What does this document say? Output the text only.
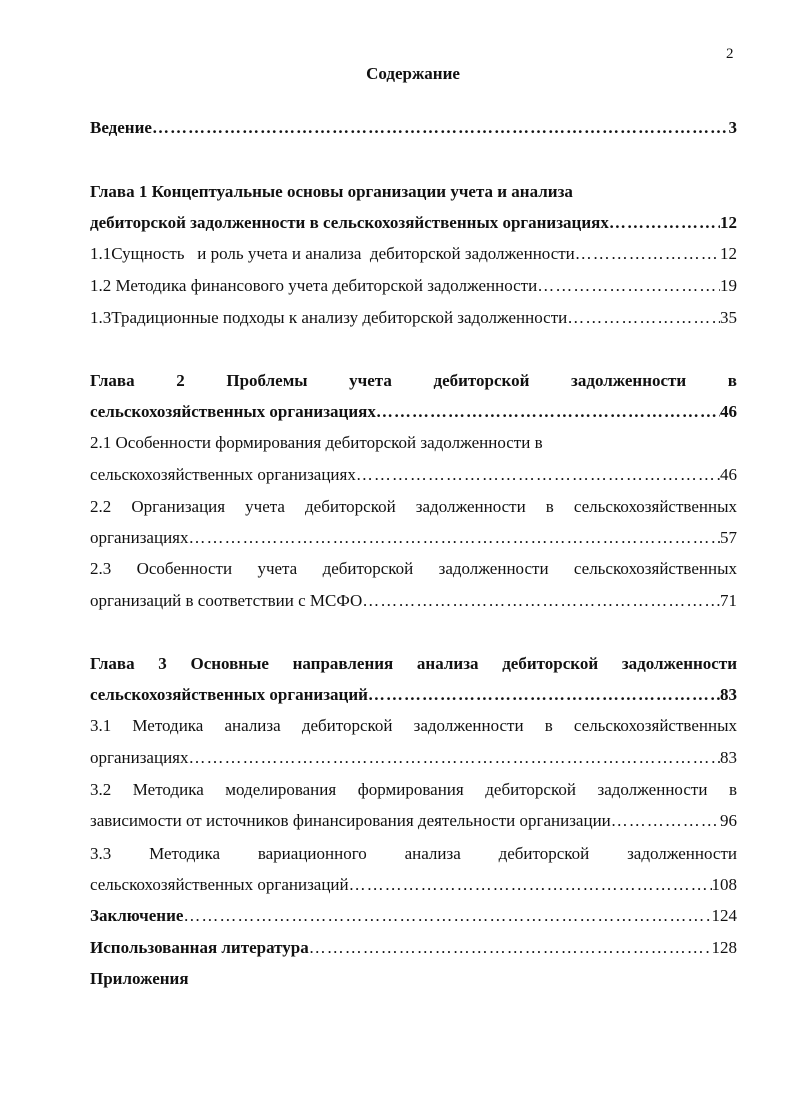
2
Содержание
Ведение …………………………………………………………………………………………………………………………………………………………………………………………………………………	3
Глава 1 Концептуальные основы организации учета и анализа
дебиторской задолженности в сельскохозяйственных организациях …………………………………………………………………………………………………………………………………………………………………………………………………………………	12
1.1Сущность   и роль учета и анализа  дебиторской задолженности …………………………………………………………………………………………………………………………………………………………………………………………………………………	12
1.2 Методика финансового учета дебиторской задолженности …………………………………………………………………………………………………………………………………………………………………………………………………………………	19
1.3Традиционные подходы к анализу дебиторской задолженности …………………………………………………………………………………………………………………………………………………………………………………………………………………	35
Глава 2 Проблемы учета дебиторской задолженности в
сельскохозяйственных организациях …………………………………………………………………………………………………………………………………………………………………………………………………………………	46
2.1 Особенности формирования дебиторской задолженности в
сельскохозяйственных организациях …………………………………………………………………………………………………………………………………………………………………………………………………………………	46
2.2 Организация учета дебиторской задолженности в сельскохозяйственных
организациях …………………………………………………………………………………………………………………………………………………………………………………………………………………	57
2.3 Особенности учета дебиторской задолженности сельскохозяйственных
организаций в соответствии с МСФО …………………………………………………………………………………………………………………………………………………………………………………………………………………	71
Глава 3 Основные направления анализа дебиторской задолженности
сельскохозяйственных организаций …………………………………………………………………………………………………………………………………………………………………………………………………………………	83
3.1 Методика анализа дебиторской задолженности в сельскохозяйственных
организациях …………………………………………………………………………………………………………………………………………………………………………………………………………………	83
3.2 Методика моделирования формирования дебиторской задолженности в
зависимости от источников финансирования деятельности организации …………………………………………………………………………………………………………………………………………………………………………………………………………………	96
3.3 Методика вариационного анализа дебиторской задолженности
сельскохозяйственных организаций …………………………………………………………………………………………………………………………………………………………………………………………………………………	108
Заключение …………………………………………………………………………………………………………………………………………………………………………………………………………………	124
Использованная литература …………………………………………………………………………………………………………………………………………………………………………………………………………………	128
Приложения
